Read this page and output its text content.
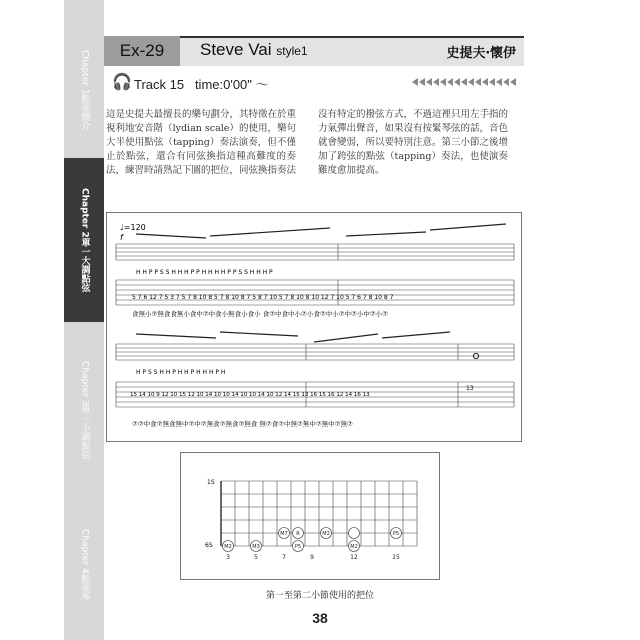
Chapter 1
點弦簡介
Chapter 3
單一小調點弦
Chapter 4
點弦琴
Chapter 2
單一大調點弦
Ex-29	Steve Vai style1	史提夫‧懷伊
🎧 Track 15 time:0'00" ～
這是史提夫最擅長的樂句劃分，其特徵在於重視利地安音階（lydian scale）的使用，樂句大半使用點弦（tapping）奏法演奏，但不僅止於點弦，還合有同弦換指這種高難度的奏法，練習時請熟記下圖的把位，同弦換指奏法
沒有特定的撥弦方式，不過這裡只用左手指的力氣彈出聲音，如果沒有按緊琴弦的話，音色就會變弱，所以要特別注意。第三小節之後增加了跨弦的點弦（tapping）奏法，也使演奏難度愈加提高。
♩=120
f
H H P P S S H H H P P H H H H P P S S H H H P
5 7 6 12 7 5 3 7 5 7 8 10 8 5 7 8 10 8 7 5 8 7 10 5 7 8 10 8 10 12 7 10 5 7 6 7 8 10 8 7
食無小⑦無食食無小食中⑦中食小無食小食小 食⑦中食中小⑦小食⑦中小⑦中⑦小中⑦小⑦
H P S S H H P H H P H H H P H
15 14 10 9 12 10 15 12 10 14 10 10 14 10 10 14 10 12 14 15 13 16 15 16 12 14 16 13
13
⑦⑦中食⑦無食無中⑦中⑦無食⑦無食⑦無食 無⑦食⑦中無⑦無中⑦無中⑦無⑦
1S
6S M2	M3
M7 R
P5
M2
M2
P5
3	5	7	9	12	15
第一至第二小節使用的把位
38
